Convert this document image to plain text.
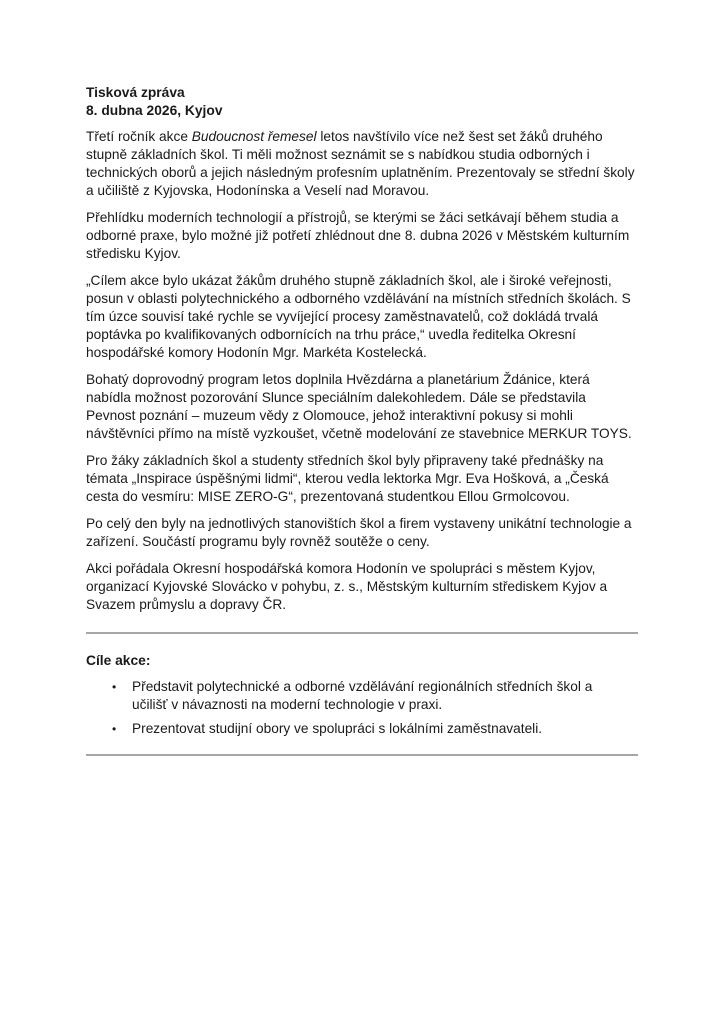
Tisková zpráva

8. dubna 2026, Kyjov

Třetí ročník akce Budoucnost řemesel letos navštívilo více než šest set žáků druhého stupně základních škol. Ti měli možnost seznámit se s nabídkou studia odborných i technických oborů a jejich následným profesním uplatněním. Prezentovaly se střední školy a učiliště z Kyjovska, Hodonínska a Veselí nad Moravou.

Přehlídku moderních technologií a přístrojů, se kterými se žáci setkávají během studia a odborné praxe, bylo možné již potřetí zhlédnout dne 8. dubna 2026 v Městském kulturním středisku Kyjov.

„Cílem akce bylo ukázat žákům druhého stupně základních škol, ale i široké veřejnosti, posun v oblasti polytechnického a odborného vzdělávání na místních středních školách. S tím úzce souvisí také rychle se vyvíjející procesy zaměstnavatelů, což dokládá trvalá poptávka po kvalifikovaných odbornících na trhu práce,“ uvedla ředitelka Okresní hospodářské komory Hodonín Mgr. Markéta Kostelecká.

Bohatý doprovodný program letos doplnila Hvězdárna a planetárium Ždánice, která nabídla možnost pozorování Slunce speciálním dalekohledem. Dále se představila Pevnost poznání – muzeum vědy z Olomouce, jehož interaktivní pokusy si mohli návštěvníci přímo na místě vyzkoušet, včetně modelování ze stavebnice MERKUR TOYS.

Pro žáky základních škol a studenty středních škol byly připraveny také přednášky na témata „Inspirace úspěšnými lidmi“, kterou vedla lektorka Mgr. Eva Hošková, a „Česká cesta do vesmíru: MISE ZERO-G“, prezentovaná studentkou Ellou Grmolcovou.

Po celý den byly na jednotlivých stanovištích škol a firem vystaveny unikátní technologie a zařízení. Součástí programu byly rovněž soutěže o ceny.

Akci pořádala Okresní hospodářská komora Hodonín ve spolupráci s městem Kyjov, organizací Kyjovské Slovácko v pohybu, z. s., Městským kulturním střediskem Kyjov a Svazem průmyslu a dopravy ČR.

Cíle akce:

•	Představit polytechnické a odborné vzdělávání regionálních středních škol a učilišť v návaznosti na moderní technologie v praxi.
•	Prezentovat studijní obory ve spolupráci s lokálními zaměstnavateli.
